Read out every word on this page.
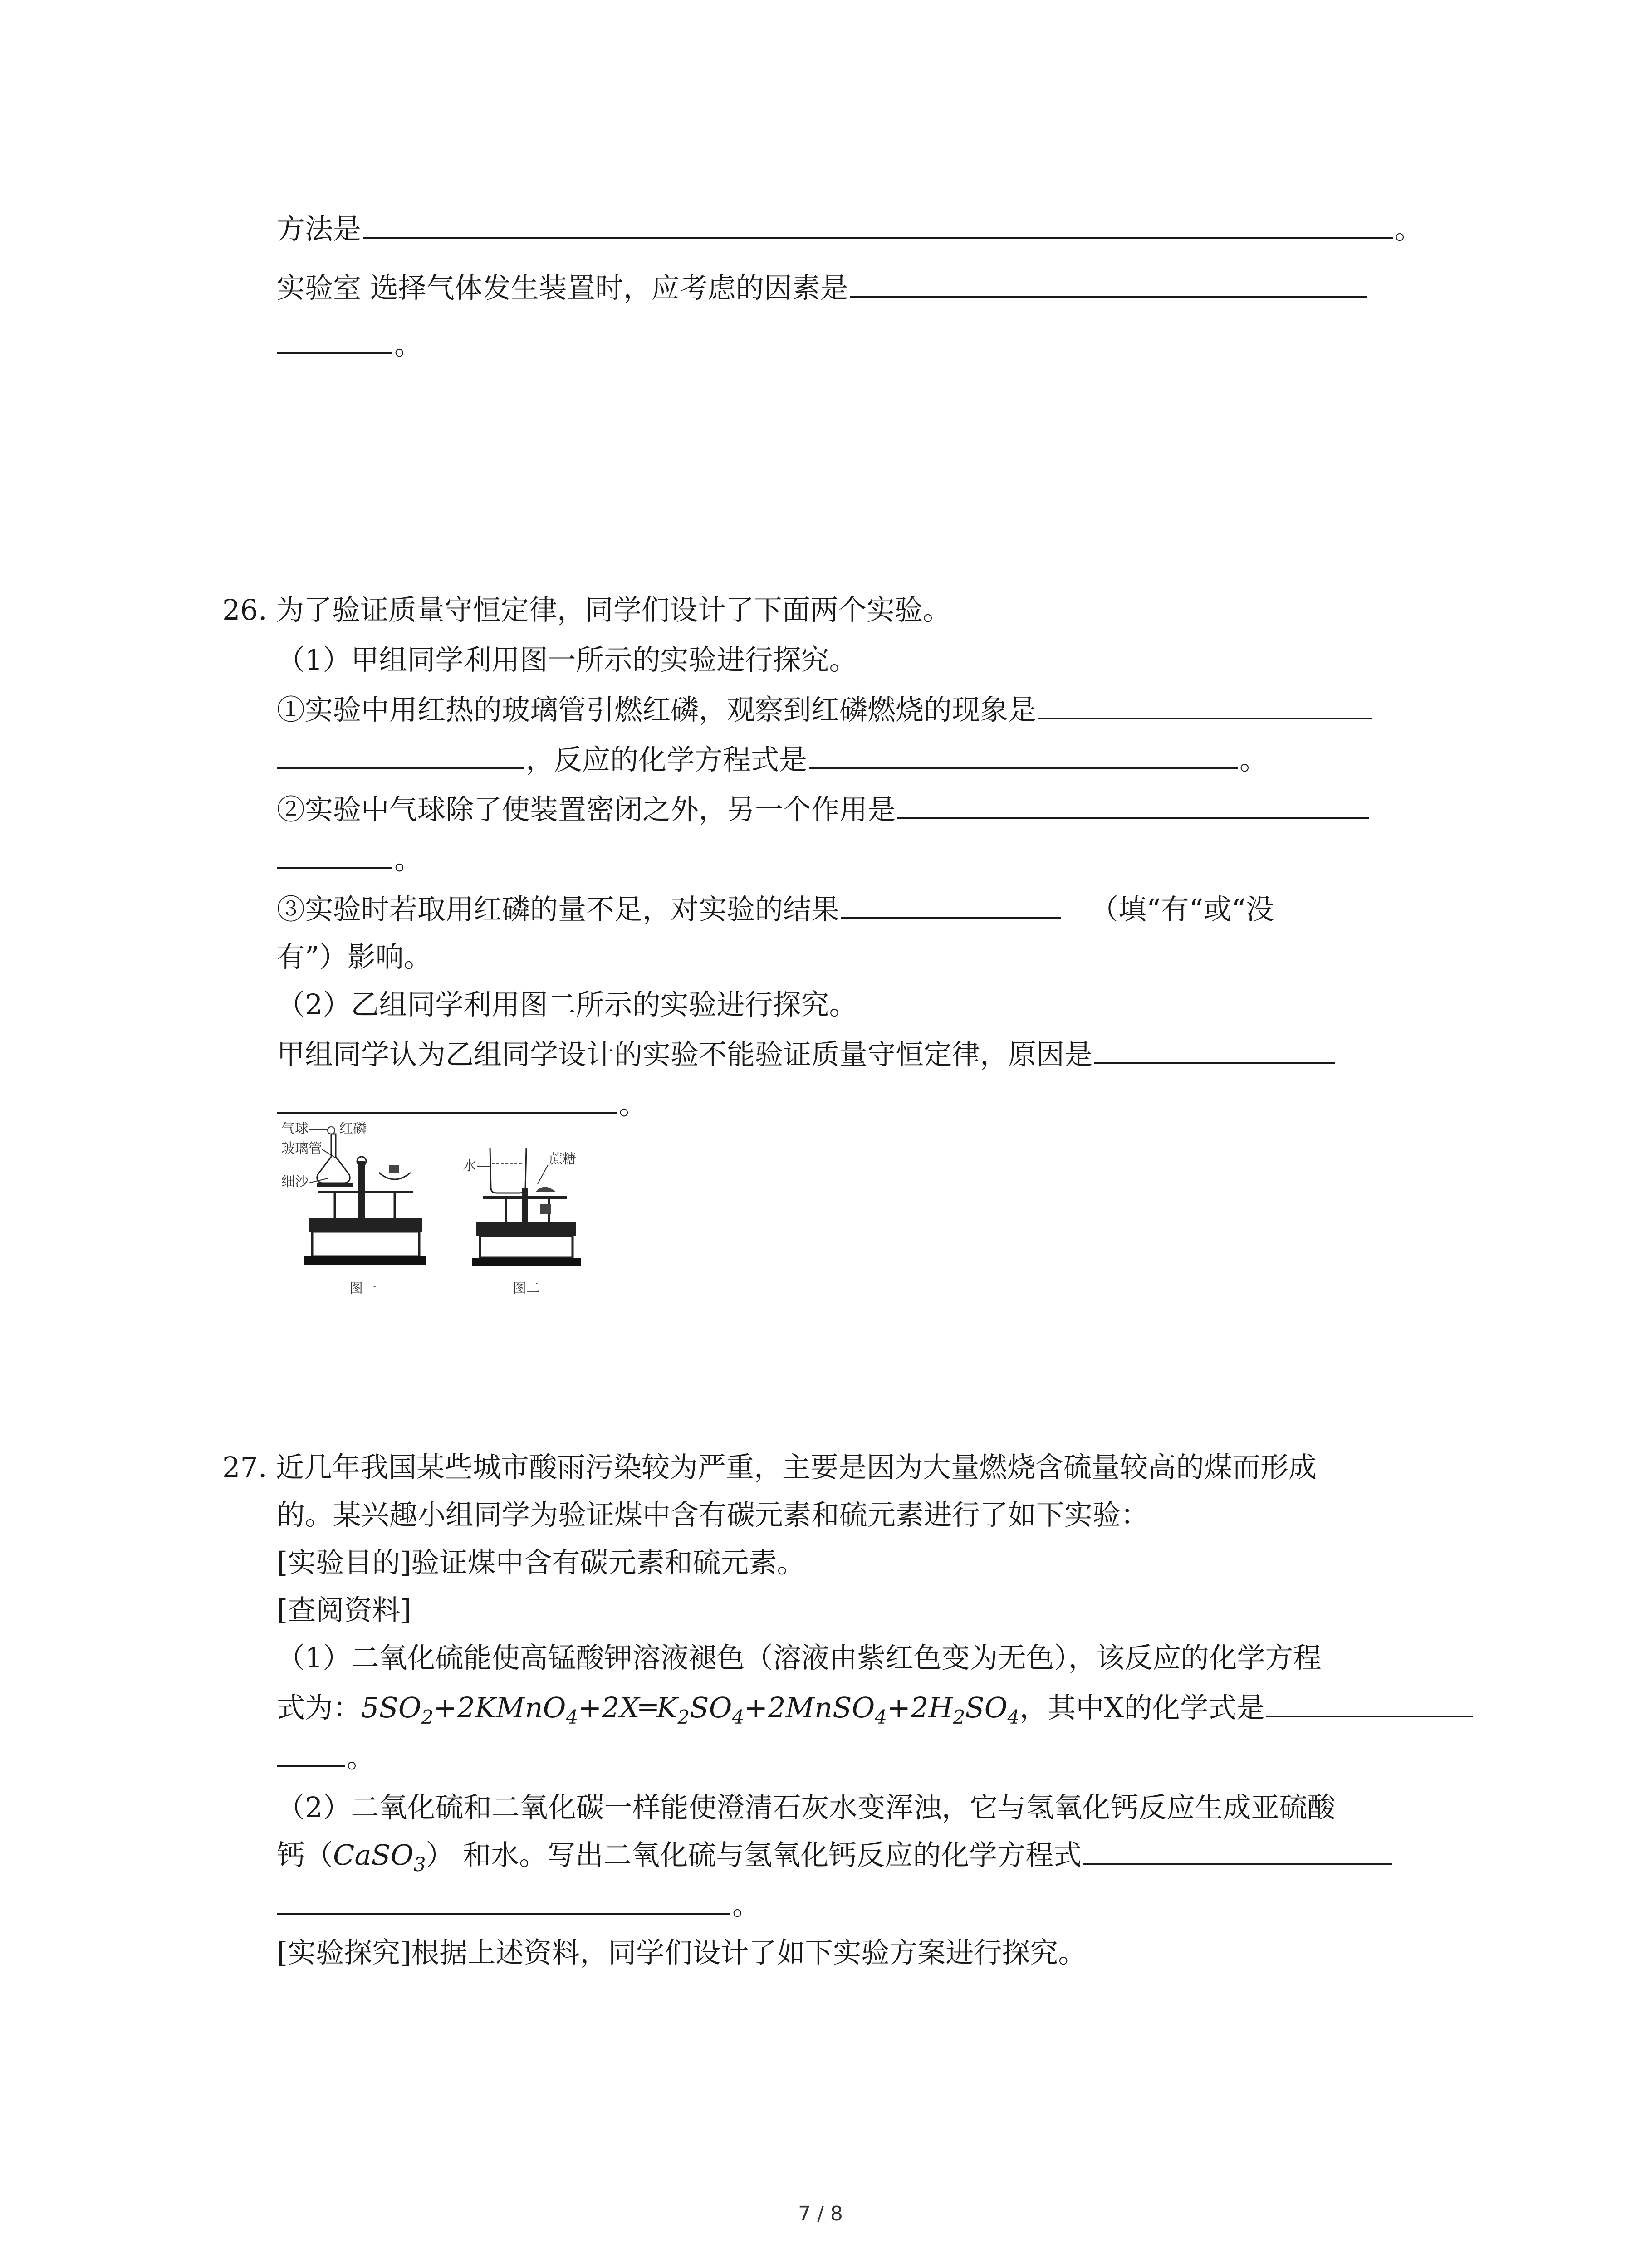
方法是	。
实验室 选择气体发生装置时，应考虑的因素是
。
26. 为了验证质量守恒定律，同学们设计了下面两个实验。
（1）甲组同学利用图一所示的实验进行探究。
①实验中用红热的玻璃管引燃红磷，观察到红磷燃烧的现象是
，反应的化学方程式是	。
②实验中气球除了使装置密闭之外，另一个作用是
。
③实验时若取用红磷的量不足，对实验的结果	（填“有“或“没
有”）影响。
（2）乙组同学利用图二所示的实验进行探究。
甲组同学认为乙组同学设计的实验不能验证质量守恒定律，原因是
。
气球 红磷
玻璃管
细沙
图一
水	蔗糖
图二
27. 近几年我国某些城市酸雨污染较为严重，主要是因为大量燃烧含硫量较高的煤而形成
的。某兴趣小组同学为验证煤中含有碳元素和硫元素进行了如下实验：
[实验目的]验证煤中含有碳元素和硫元素。
[查阅资料]
（1）二氧化硫能使高锰酸钾溶液褪色（溶液由紫红色变为无色），该反应的化学方程
式为：$5SO_2+2KMnO_4+2X═K_2SO_4+2MnSO_4+2H_2SO_4$，其中X的化学式是
。
（2）二氧化硫和二氧化碳一样能使澄清石灰水变浑浊，它与氢氧化钙反应生成亚硫酸
钙（CaSO$_3$） 和水。写出二氧化硫与氢氧化钙反应的化学方程式
。
[实验探究]根据上述资料，同学们设计了如下实验方案进行探究。
7 / 8
